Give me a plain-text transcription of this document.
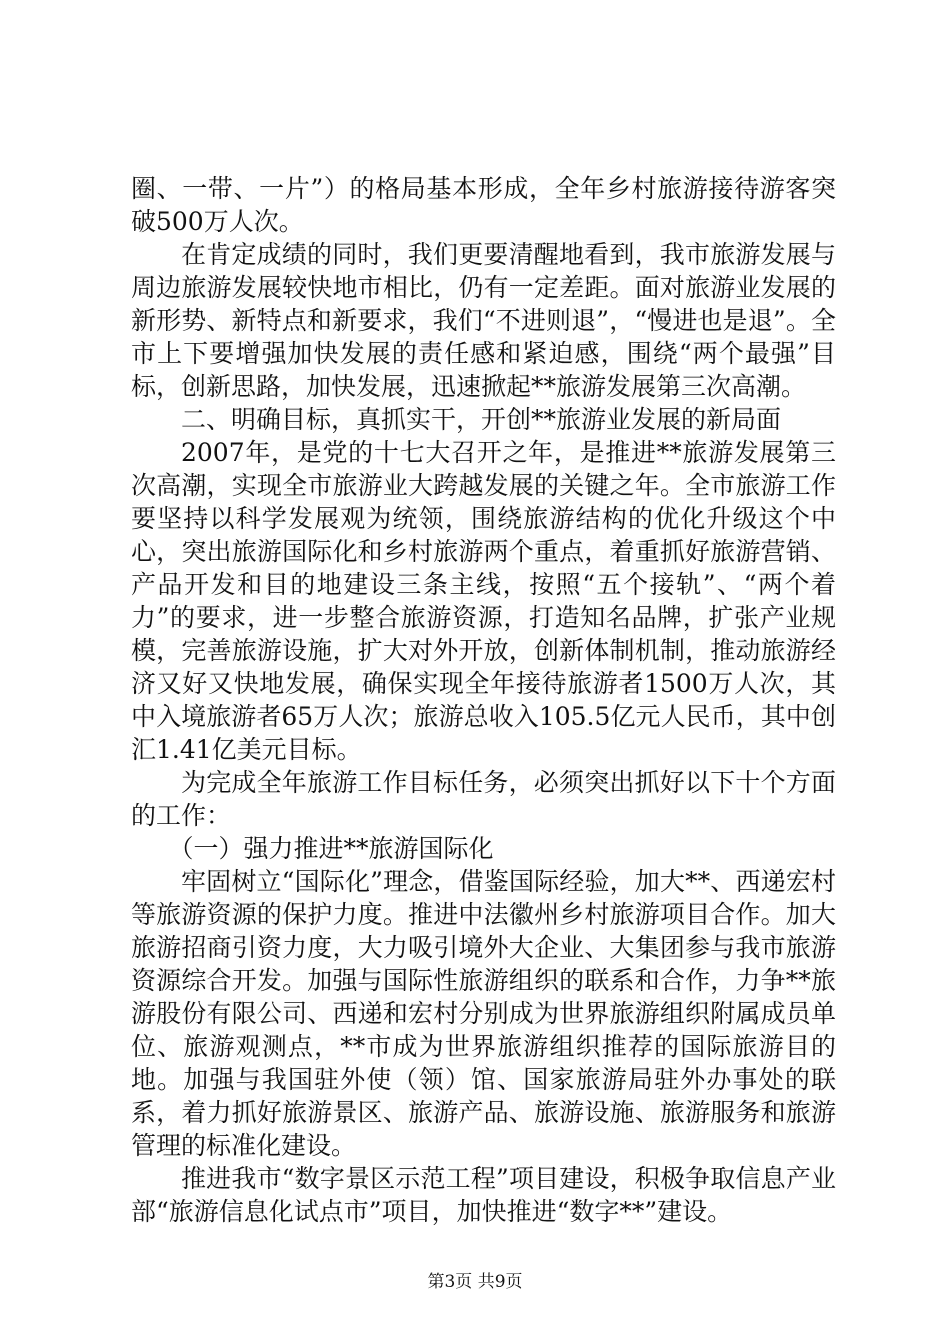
圈、一带、一片”）的格局基本形成，全年乡村旅游接待游客突破500万人次。

在肯定成绩的同时，我们更要清醒地看到，我市旅游发展与周边旅游发展较快地市相比，仍有一定差距。面对旅游业发展的新形势、新特点和新要求，我们“不进则退”，“慢进也是退”。全市上下要增强加快发展的责任感和紧迫感，围绕“两个最强”目标，创新思路，加快发展，迅速掀起**旅游发展第三次高潮。

二、明确目标，真抓实干，开创**旅游业发展的新局面

2007年，是党的十七大召开之年，是推进**旅游发展第三次高潮，实现全市旅游业大跨越发展的关键之年。全市旅游工作要坚持以科学发展观为统领，围绕旅游结构的优化升级这个中心，突出旅游国际化和乡村旅游两个重点，着重抓好旅游营销、产品开发和目的地建设三条主线，按照“五个接轨”、“两个着力”的要求，进一步整合旅游资源，打造知名品牌，扩张产业规模，完善旅游设施，扩大对外开放，创新体制机制，推动旅游经济又好又快地发展，确保实现全年接待旅游者1500万人次，其中入境旅游者65万人次；旅游总收入105.5亿元人民币，其中创汇1.41亿美元目标。

为完成全年旅游工作目标任务，必须突出抓好以下十个方面的工作：

（一）强力推进**旅游国际化

牢固树立“国际化”理念，借鉴国际经验，加大**、西递宏村等旅游资源的保护力度。推进中法徽州乡村旅游项目合作。加大旅游招商引资力度，大力吸引境外大企业、大集团参与我市旅游资源综合开发。加强与国际性旅游组织的联系和合作，力争**旅游股份有限公司、西递和宏村分别成为世界旅游组织附属成员单位、旅游观测点，**市成为世界旅游组织推荐的国际旅游目的地。加强与我国驻外使（领）馆、国家旅游局驻外办事处的联系，着力抓好旅游景区、旅游产品、旅游设施、旅游服务和旅游管理的标准化建设。

推进我市“数字景区示范工程”项目建设，积极争取信息产业部“旅游信息化试点市”项目，加快推进“数字**”建设。

第3页 共9页
